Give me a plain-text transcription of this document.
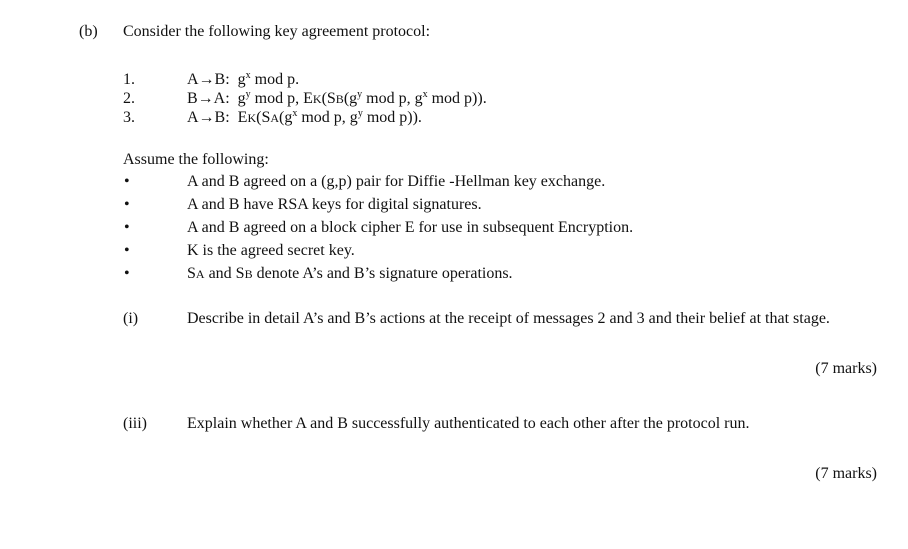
(b) Consider the following key agreement protocol:
1.	A→B:  $g^x$ mod p.
2.	B→A:  $g^y$ mod p, $EK(SB(g^y$ mod p, $g^x$ mod p)).
3.	A→B:  $EK(SA(g^x$ mod p, $g^y$ mod p)).
Assume the following:
•	A and B agreed on a (g,p) pair for Diffie -Hellman key exchange.
•	A and B have RSA keys for digital signatures.
•	A and B agreed on a block cipher E for use in subsequent Encryption.
•	K is the agreed secret key.
•	SA and SB denote A’s and B’s signature operations.
(i)	Describe in detail A’s and B’s actions at the receipt of messages 2 and 3 and their belief at that stage.
(7 marks)
(iii)	Explain whether A and B successfully authenticated to each other after the protocol run.
(7 marks)
